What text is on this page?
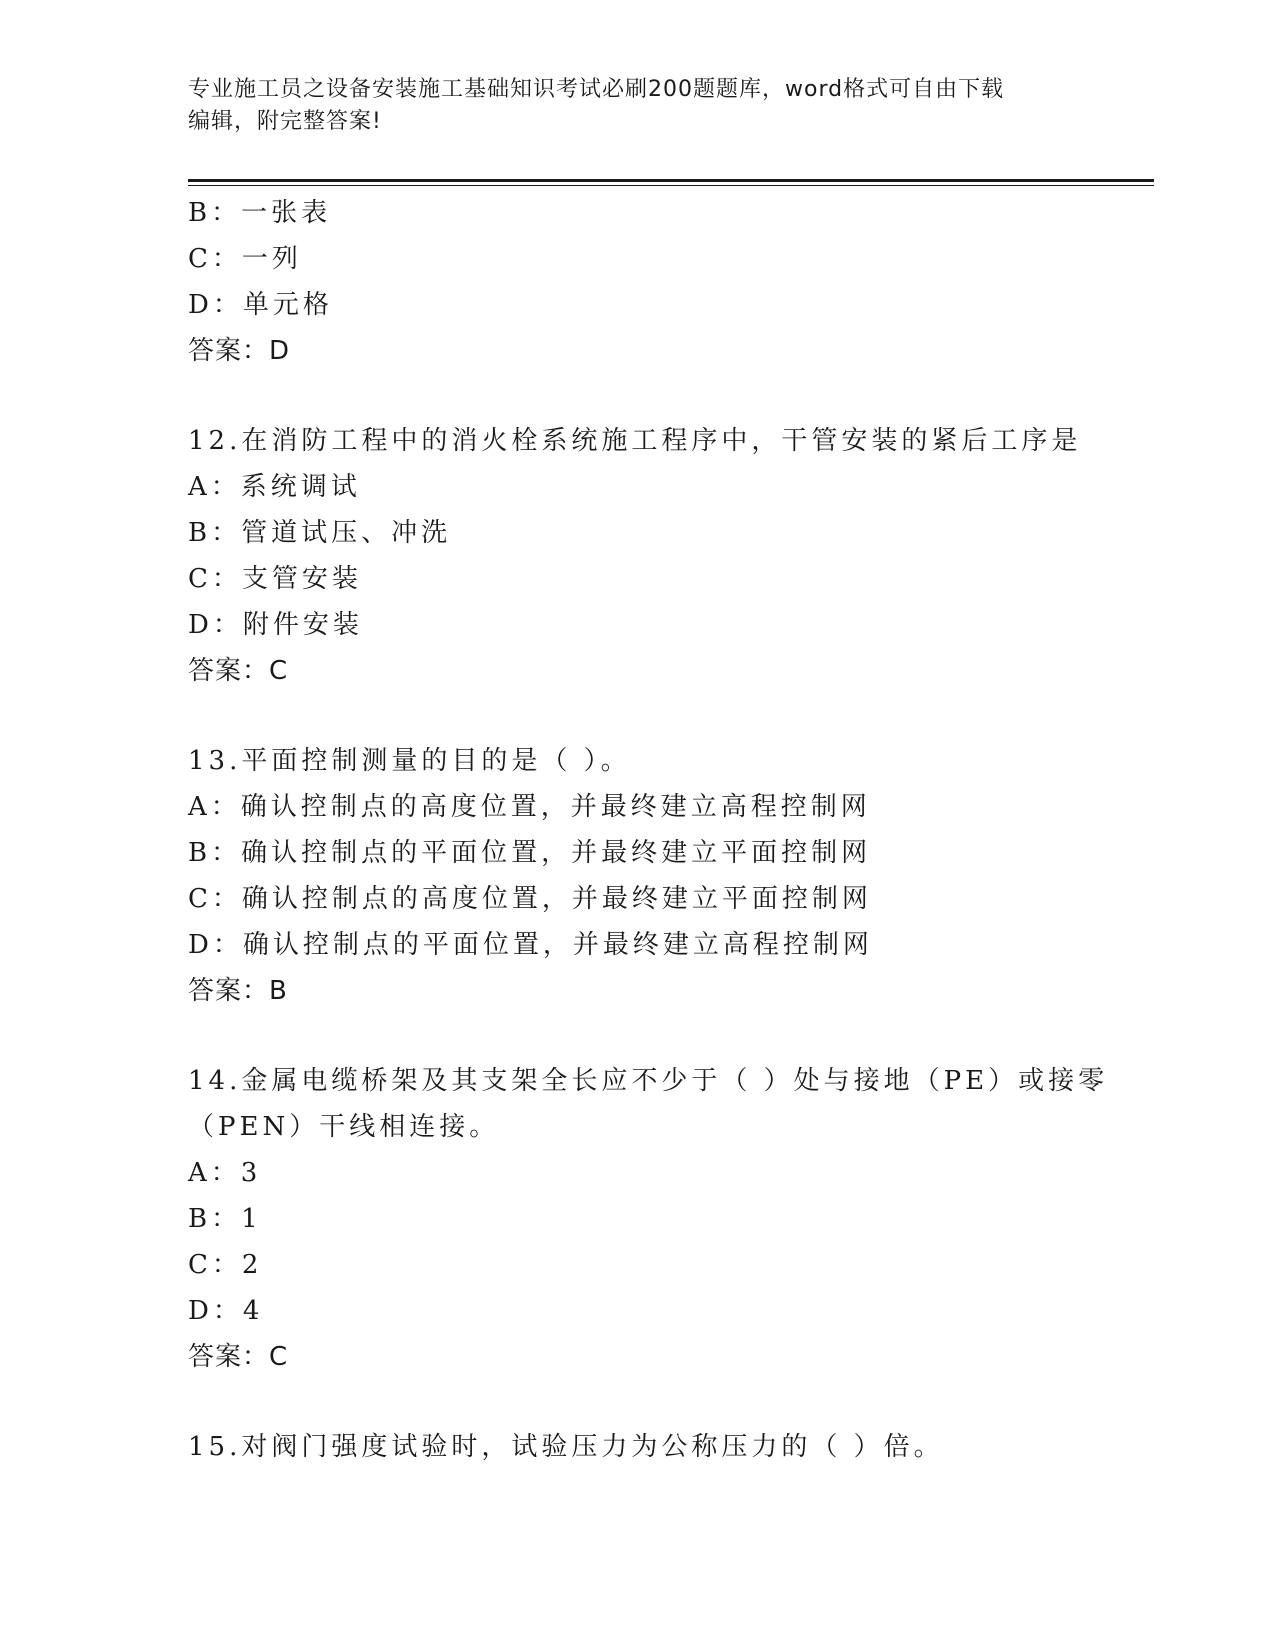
专业施工员之设备安装施工基础知识考试必刷200题题库，word格式可自由下载
编辑，附完整答案!
B：一张表
C：一列
D：单元格
答案：D
12.在消防工程中的消火栓系统施工程序中，干管安装的紧后工序是
A：系统调试
B：管道试压、冲洗
C：支管安装
D：附件安装
答案：C
13.平面控制测量的目的是（ ）。
A：确认控制点的高度位置，并最终建立高程控制网
B：确认控制点的平面位置，并最终建立平面控制网
C：确认控制点的高度位置，并最终建立平面控制网
D：确认控制点的平面位置，并最终建立高程控制网
答案：B
14.金属电缆桥架及其支架全长应不少于（ ）处与接地（PE）或接零
（PEN）干线相连接。
A：3
B：1
C：2
D：4
答案：C
15.对阀门强度试验时，试验压力为公称压力的（ ）倍。
